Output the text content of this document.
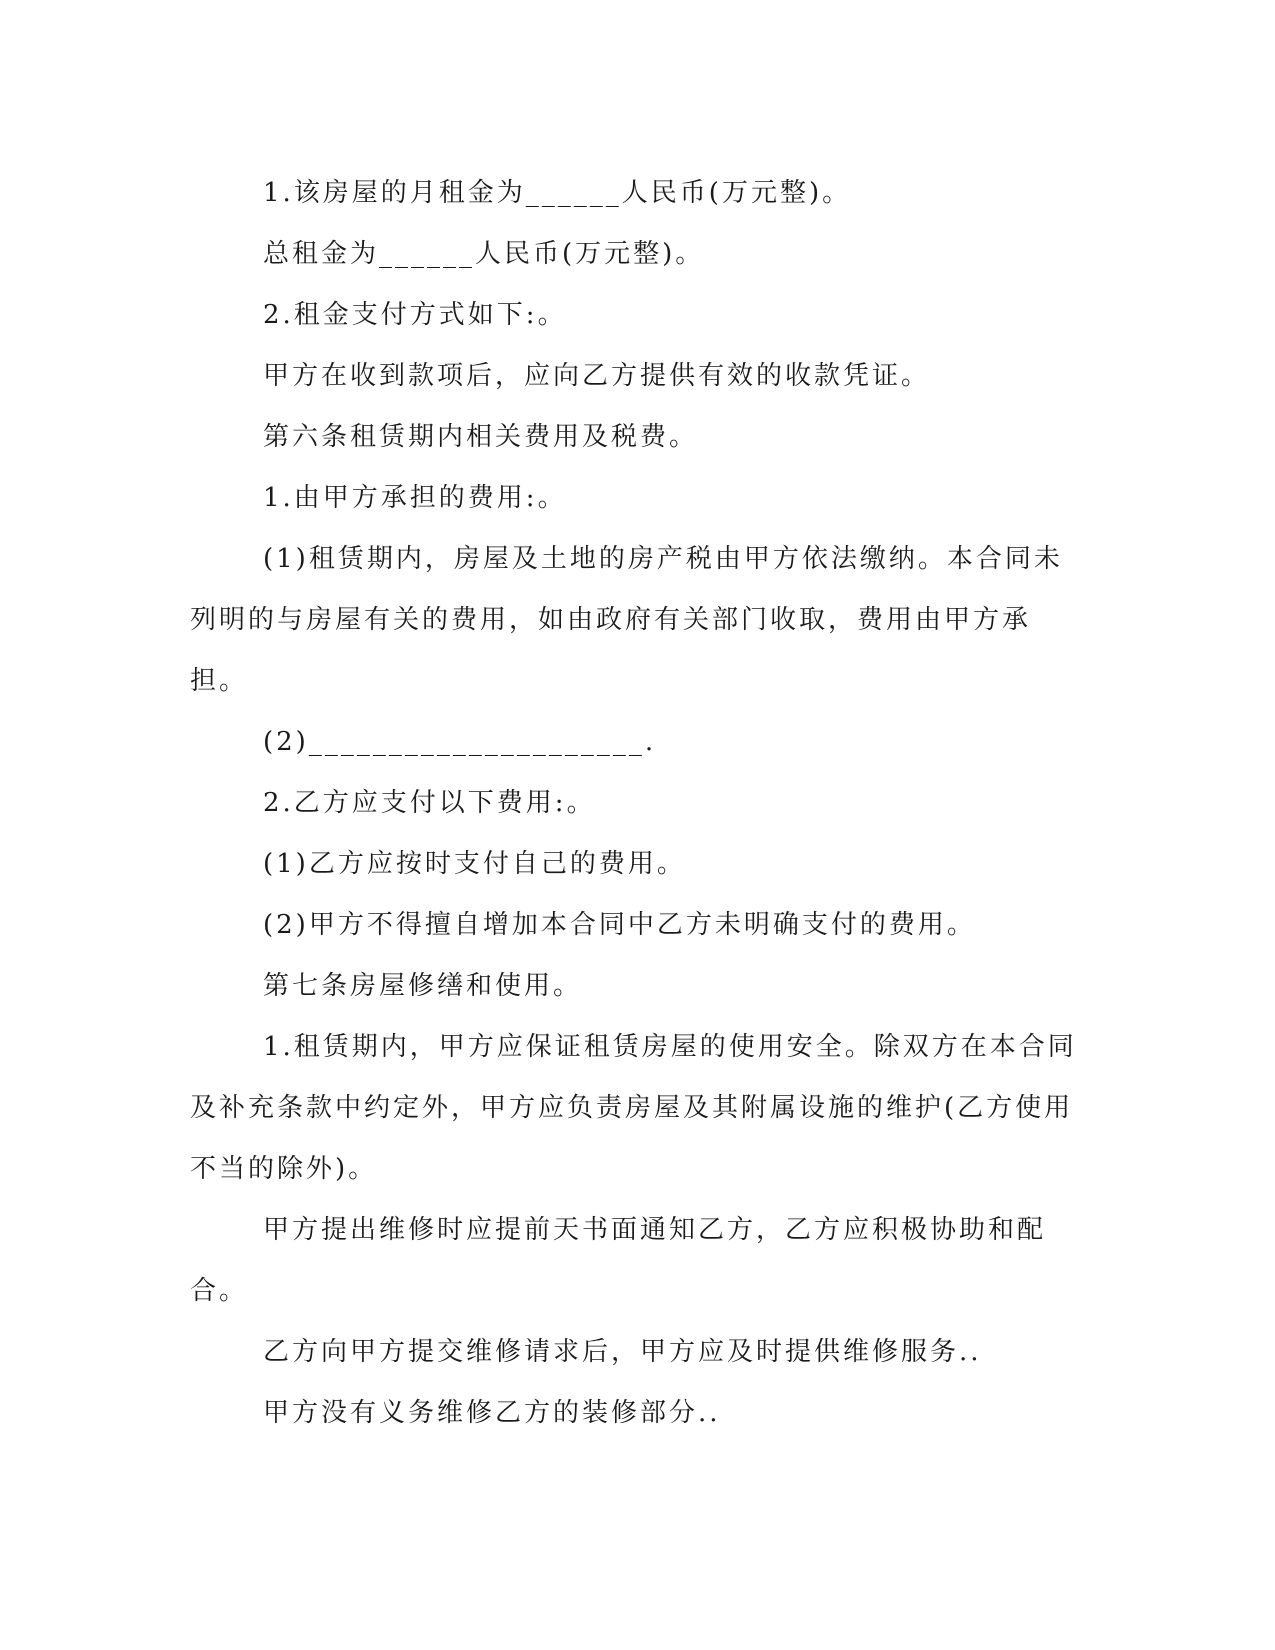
1.该房屋的月租金为______人民币(万元整)。

总租金为______人民币(万元整)。

2.租金支付方式如下:。

甲方在收到款项后，应向乙方提供有效的收款凭证。

第六条租赁期内相关费用及税费。

1.由甲方承担的费用:。

(1)租赁期内，房屋及土地的房产税由甲方依法缴纳。本合同未列明的与房屋有关的费用，如由政府有关部门收取，费用由甲方承担。

(2)_____________________.

2.乙方应支付以下费用:。

(1)乙方应按时支付自己的费用。

(2)甲方不得擅自增加本合同中乙方未明确支付的费用。

第七条房屋修缮和使用。

1.租赁期内，甲方应保证租赁房屋的使用安全。除双方在本合同及补充条款中约定外，甲方应负责房屋及其附属设施的维护(乙方使用不当的除外)。

甲方提出维修时应提前天书面通知乙方，乙方应积极协助和配合。

乙方向甲方提交维修请求后，甲方应及时提供维修服务..

甲方没有义务维修乙方的装修部分..
